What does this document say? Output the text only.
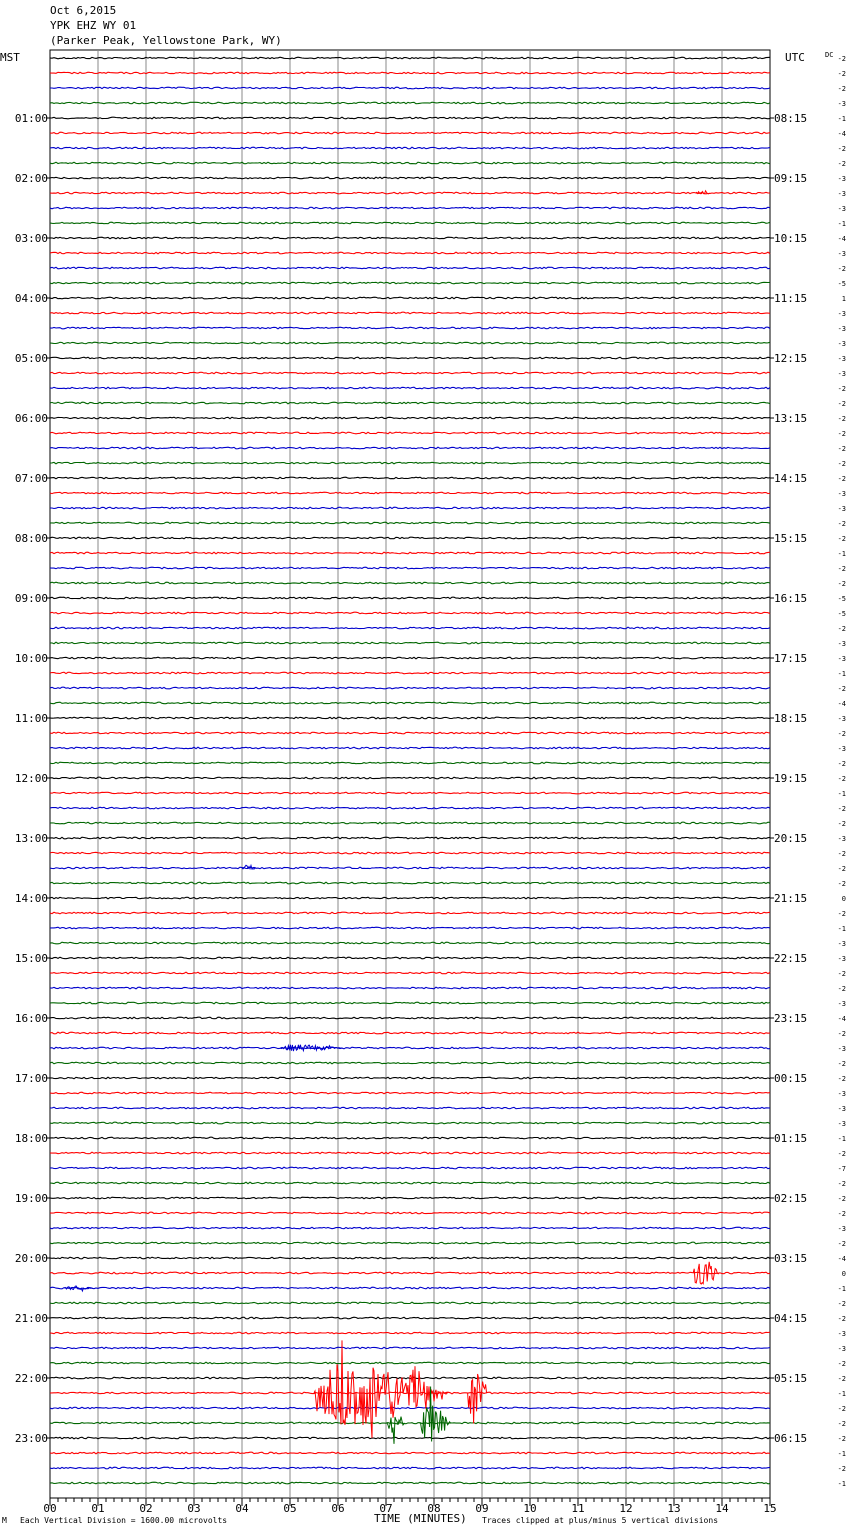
Oct 6,2015
YPK EHZ WY 01
(Parker Peak, Yellowstone Park, WY)
MST	UTC	DC
00	01	02	03	04	05	06	07	08	09	10	11	12	13	14	15
-2
-2
-2
-3
-1
-4
-2
-2
-3
-3
-3
-1
-4
-3
-2
-5
1
-3
-3
-3
-3
-3
-2
-2
-2
-2
-2
-2
-2
-3
-3
-2
-2
-1
-2
-2
-5
-5
-2
-3
-3
-1
-2
-4
-3
-2
-3
-2
-2
-1
-2
-2
-3
-2
-2
-2
0
-2
-1
-3
-3
-2
-2
-3
-4
-2
-3
-2
-2
-3
-3
-3
-1
-2
-7
-2
-2
-2
-3
-2
-4
0
-1
-2
-2
-3
-3
-2
-2
-1
-2
-2
-2
-1
-2
-1
01:00	08:15
02:00	09:15
03:00	10:15
04:00	11:15
05:00	12:15
06:00	13:15
07:00	14:15
08:00	15:15
09:00	16:15
10:00	17:15
11:00	18:15
12:00	19:15
13:00	20:15
14:00	21:15
15:00	22:15
16:00	23:15
17:00	00:15
18:00	01:15
19:00	02:15
20:00	03:15
21:00	04:15
22:00	05:15
23:00	06:15
TIME (MINUTES)
M Each Vertical Division = 1600.00 microvolts	Traces clipped at plus/minus 5 vertical divisions
